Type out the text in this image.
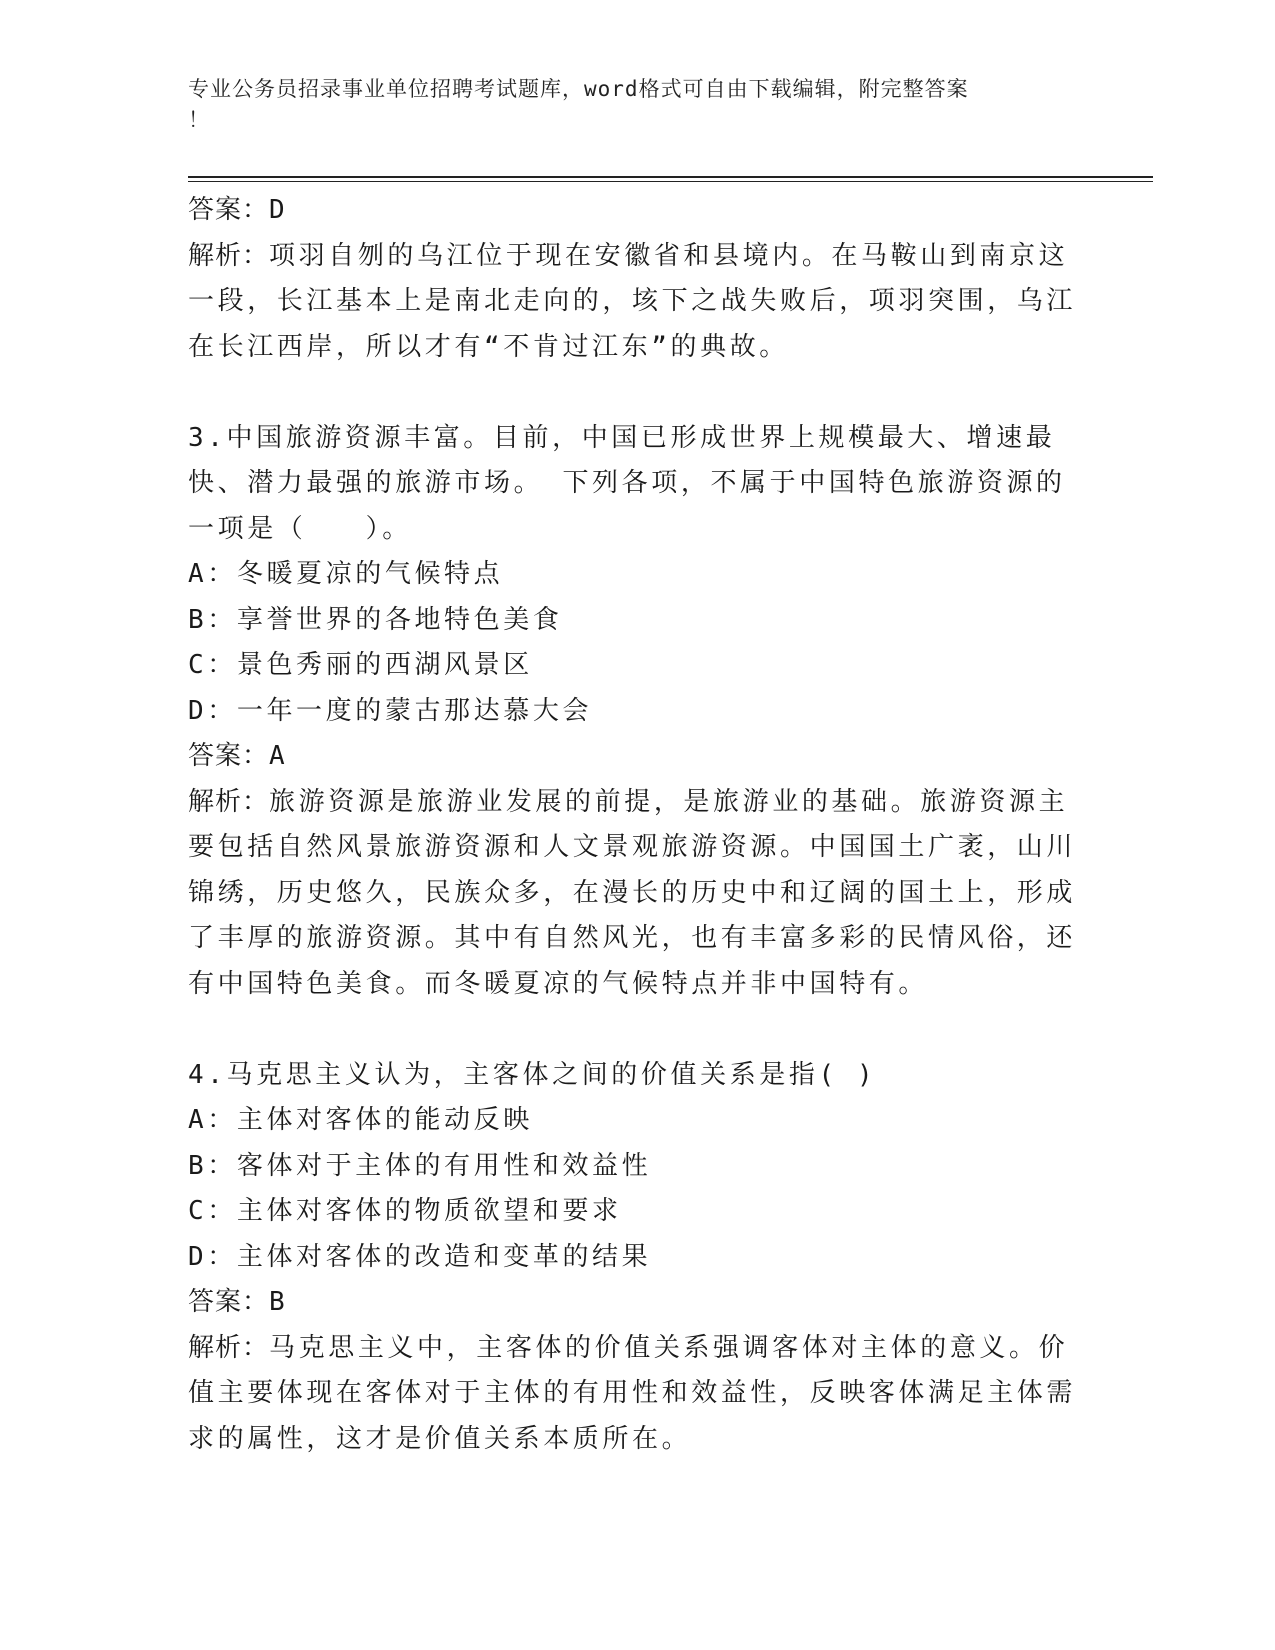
专业公务员招录事业单位招聘考试题库，word格式可自由下载编辑，附完整答案
！

答案：D

解析：项羽自刎的乌江位于现在安徽省和县境内。在马鞍山到南京这一段，长江基本上是南北走向的，垓下之战失败后，项羽突围，乌江在长江西岸，所以才有“不肯过江东”的典故。

3.中国旅游资源丰富。目前，中国已形成世界上规模最大、增速最快、潜力最强的旅游市场。 下列各项，不属于中国特色旅游资源的一项是（　　）。

A：冬暖夏凉的气候特点

B：享誉世界的各地特色美食

C：景色秀丽的西湖风景区

D：一年一度的蒙古那达慕大会

答案：A

解析：旅游资源是旅游业发展的前提，是旅游业的基础。旅游资源主要包括自然风景旅游资源和人文景观旅游资源。中国国土广袤，山川锦绣，历史悠久，民族众多，在漫长的历史中和辽阔的国土上，形成了丰厚的旅游资源。其中有自然风光，也有丰富多彩的民情风俗，还有中国特色美食。而冬暖夏凉的气候特点并非中国特有。

4.马克思主义认为，主客体之间的价值关系是指( )

A：主体对客体的能动反映

B：客体对于主体的有用性和效益性

C：主体对客体的物质欲望和要求

D：主体对客体的改造和变革的结果

答案：B

解析：马克思主义中，主客体的价值关系强调客体对主体的意义。价值主要体现在客体对于主体的有用性和效益性，反映客体满足主体需求的属性，这才是价值关系本质所在。
